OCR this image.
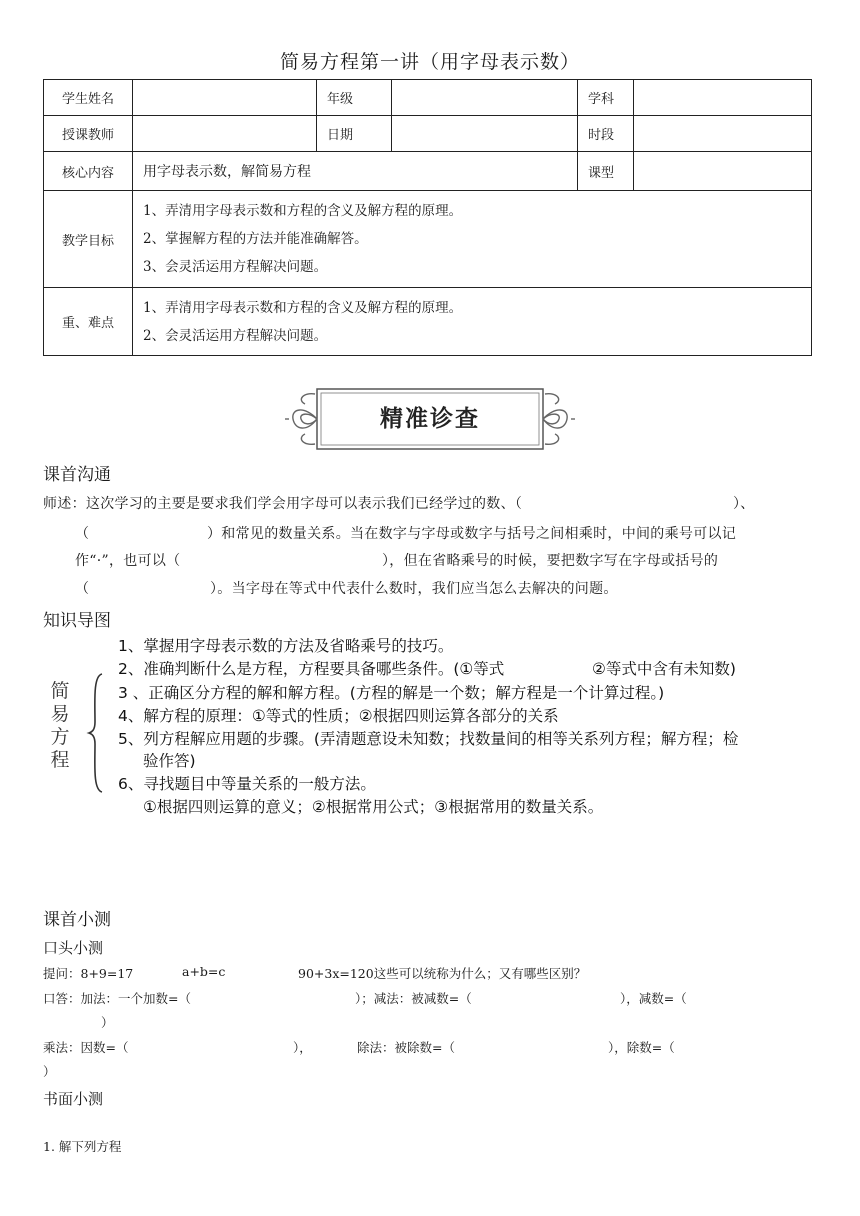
简易方程第一讲（用字母表示数）
学生姓名		年级		学科	
授课教师		日期		时段	
核心内容	用字母表示数，解简易方程			课型	
教学目标	1、弄清用字母表示数和方程的含义及解方程的原理。
2、掌握解方程的方法并能准确解答。
3、会灵活运用方程解决问题。				

重、难点	1、弄清用字母表示数和方程的含义及解方程的原理。
2、会灵活运用方程解决问题。				
精准诊查
课首沟通
师述：这次学习的主要是要求我们学会用字母可以表示我们已经学过的数、（	）、
（	）和常见的数量关系。当在数字与字母或数字与括号之间相乘时，中间的乘号可以记
作“·”，也可以（	），但在省略乘号的时候，要把数字写在字母或括号的
（	）。当字母在等式中代表什么数时，我们应当怎么去解决的问题。
知识导图
简易方程
1、掌握用字母表示数的方法及省略乘号的技巧。
2、准确判断什么是方程，方程要具备哪些条件。(①等式	②等式中含有未知数)
3 、正确区分方程的解和解方程。(方程的解是一个数；解方程是一个计算过程。)
4、解方程的原理：①等式的性质；②根据四则运算各部分的关系
5、列方程解应用题的步骤。(弄清题意设未知数；找数量间的相等关系列方程；解方程；检
验作答)
6、寻找题目中等量关系的一般方法。
①根据四则运算的意义；②根据常用公式；③根据常用的数量关系。
课首小测
口头小测
提问：8+9=17	a+b=c	90+3x=120这些可以统称为什么；又有哪些区别？
口答：加法：一个加数=（	）；减法：被减数=（	），减数=（
）
乘法：因数=（	），	除法：被除数=（	），除数=（
）
书面小测
1. 解下列方程
